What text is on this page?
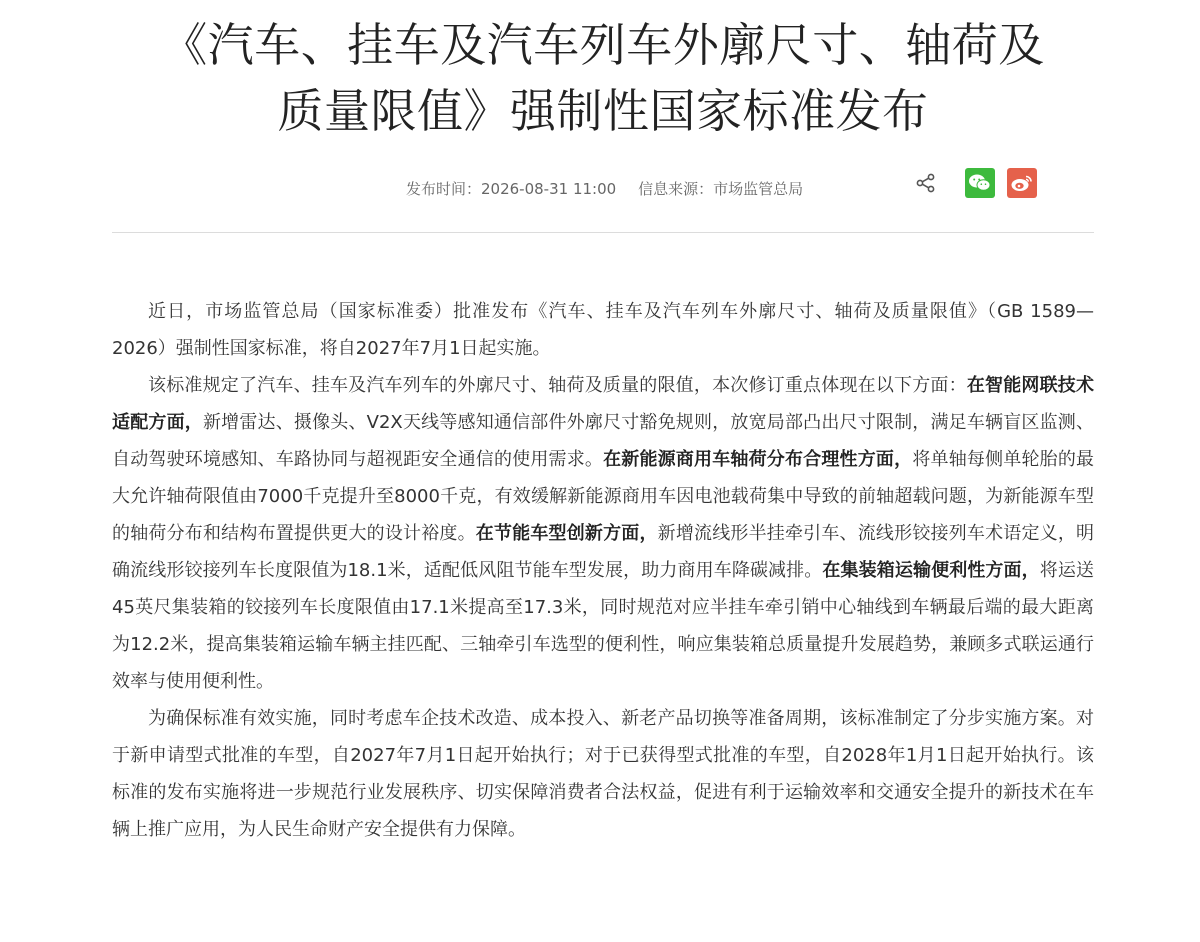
《汽车、挂车及汽车列车外廓尺寸、轴荷及
质量限值》强制性国家标准发布
发布时间：2026-08-31 11:00 信息来源：市场监管总局

近日，市场监管总局（国家标准委）批准发布《汽车、挂车及汽车列车外廓尺寸、轴荷及质量限值》（GB 1589—2026）强制性国家标准，将自2027年7月1日起实施。

该标准规定了汽车、挂车及汽车列车的外廓尺寸、轴荷及质量的限值，本次修订重点体现在以下方面：在智能网联技术适配方面，新增雷达、摄像头、V2X天线等感知通信部件外廓尺寸豁免规则，放宽局部凸出尺寸限制，满足车辆盲区监测、自动驾驶环境感知、车路协同与超视距安全通信的使用需求。在新能源商用车轴荷分布合理性方面，将单轴每侧单轮胎的最大允许轴荷限值由7000千克提升至8000千克，有效缓解新能源商用车因电池载荷集中导致的前轴超载问题，为新能源车型的轴荷分布和结构布置提供更大的设计裕度。在节能车型创新方面，新增流线形半挂牵引车、流线形铰接列车术语定义，明确流线形铰接列车长度限值为18.1米，适配低风阻节能车型发展，助力商用车降碳减排。在集装箱运输便利性方面，将运送45英尺集装箱的铰接列车长度限值由17.1米提高至17.3米，同时规范对应半挂车牵引销中心轴线到车辆最后端的最大距离为12.2米，提高集装箱运输车辆主挂匹配、三轴牵引车选型的便利性，响应集装箱总质量提升发展趋势，兼顾多式联运通行效率与使用便利性。

为确保标准有效实施，同时考虑车企技术改造、成本投入、新老产品切换等准备周期，该标准制定了分步实施方案。对于新申请型式批准的车型，自2027年7月1日起开始执行；对于已获得型式批准的车型，自2028年1月1日起开始执行。该标准的发布实施将进一步规范行业发展秩序、切实保障消费者合法权益，促进有利于运输效率和交通安全提升的新技术在车辆上推广应用，为人民生命财产安全提供有力保障。
